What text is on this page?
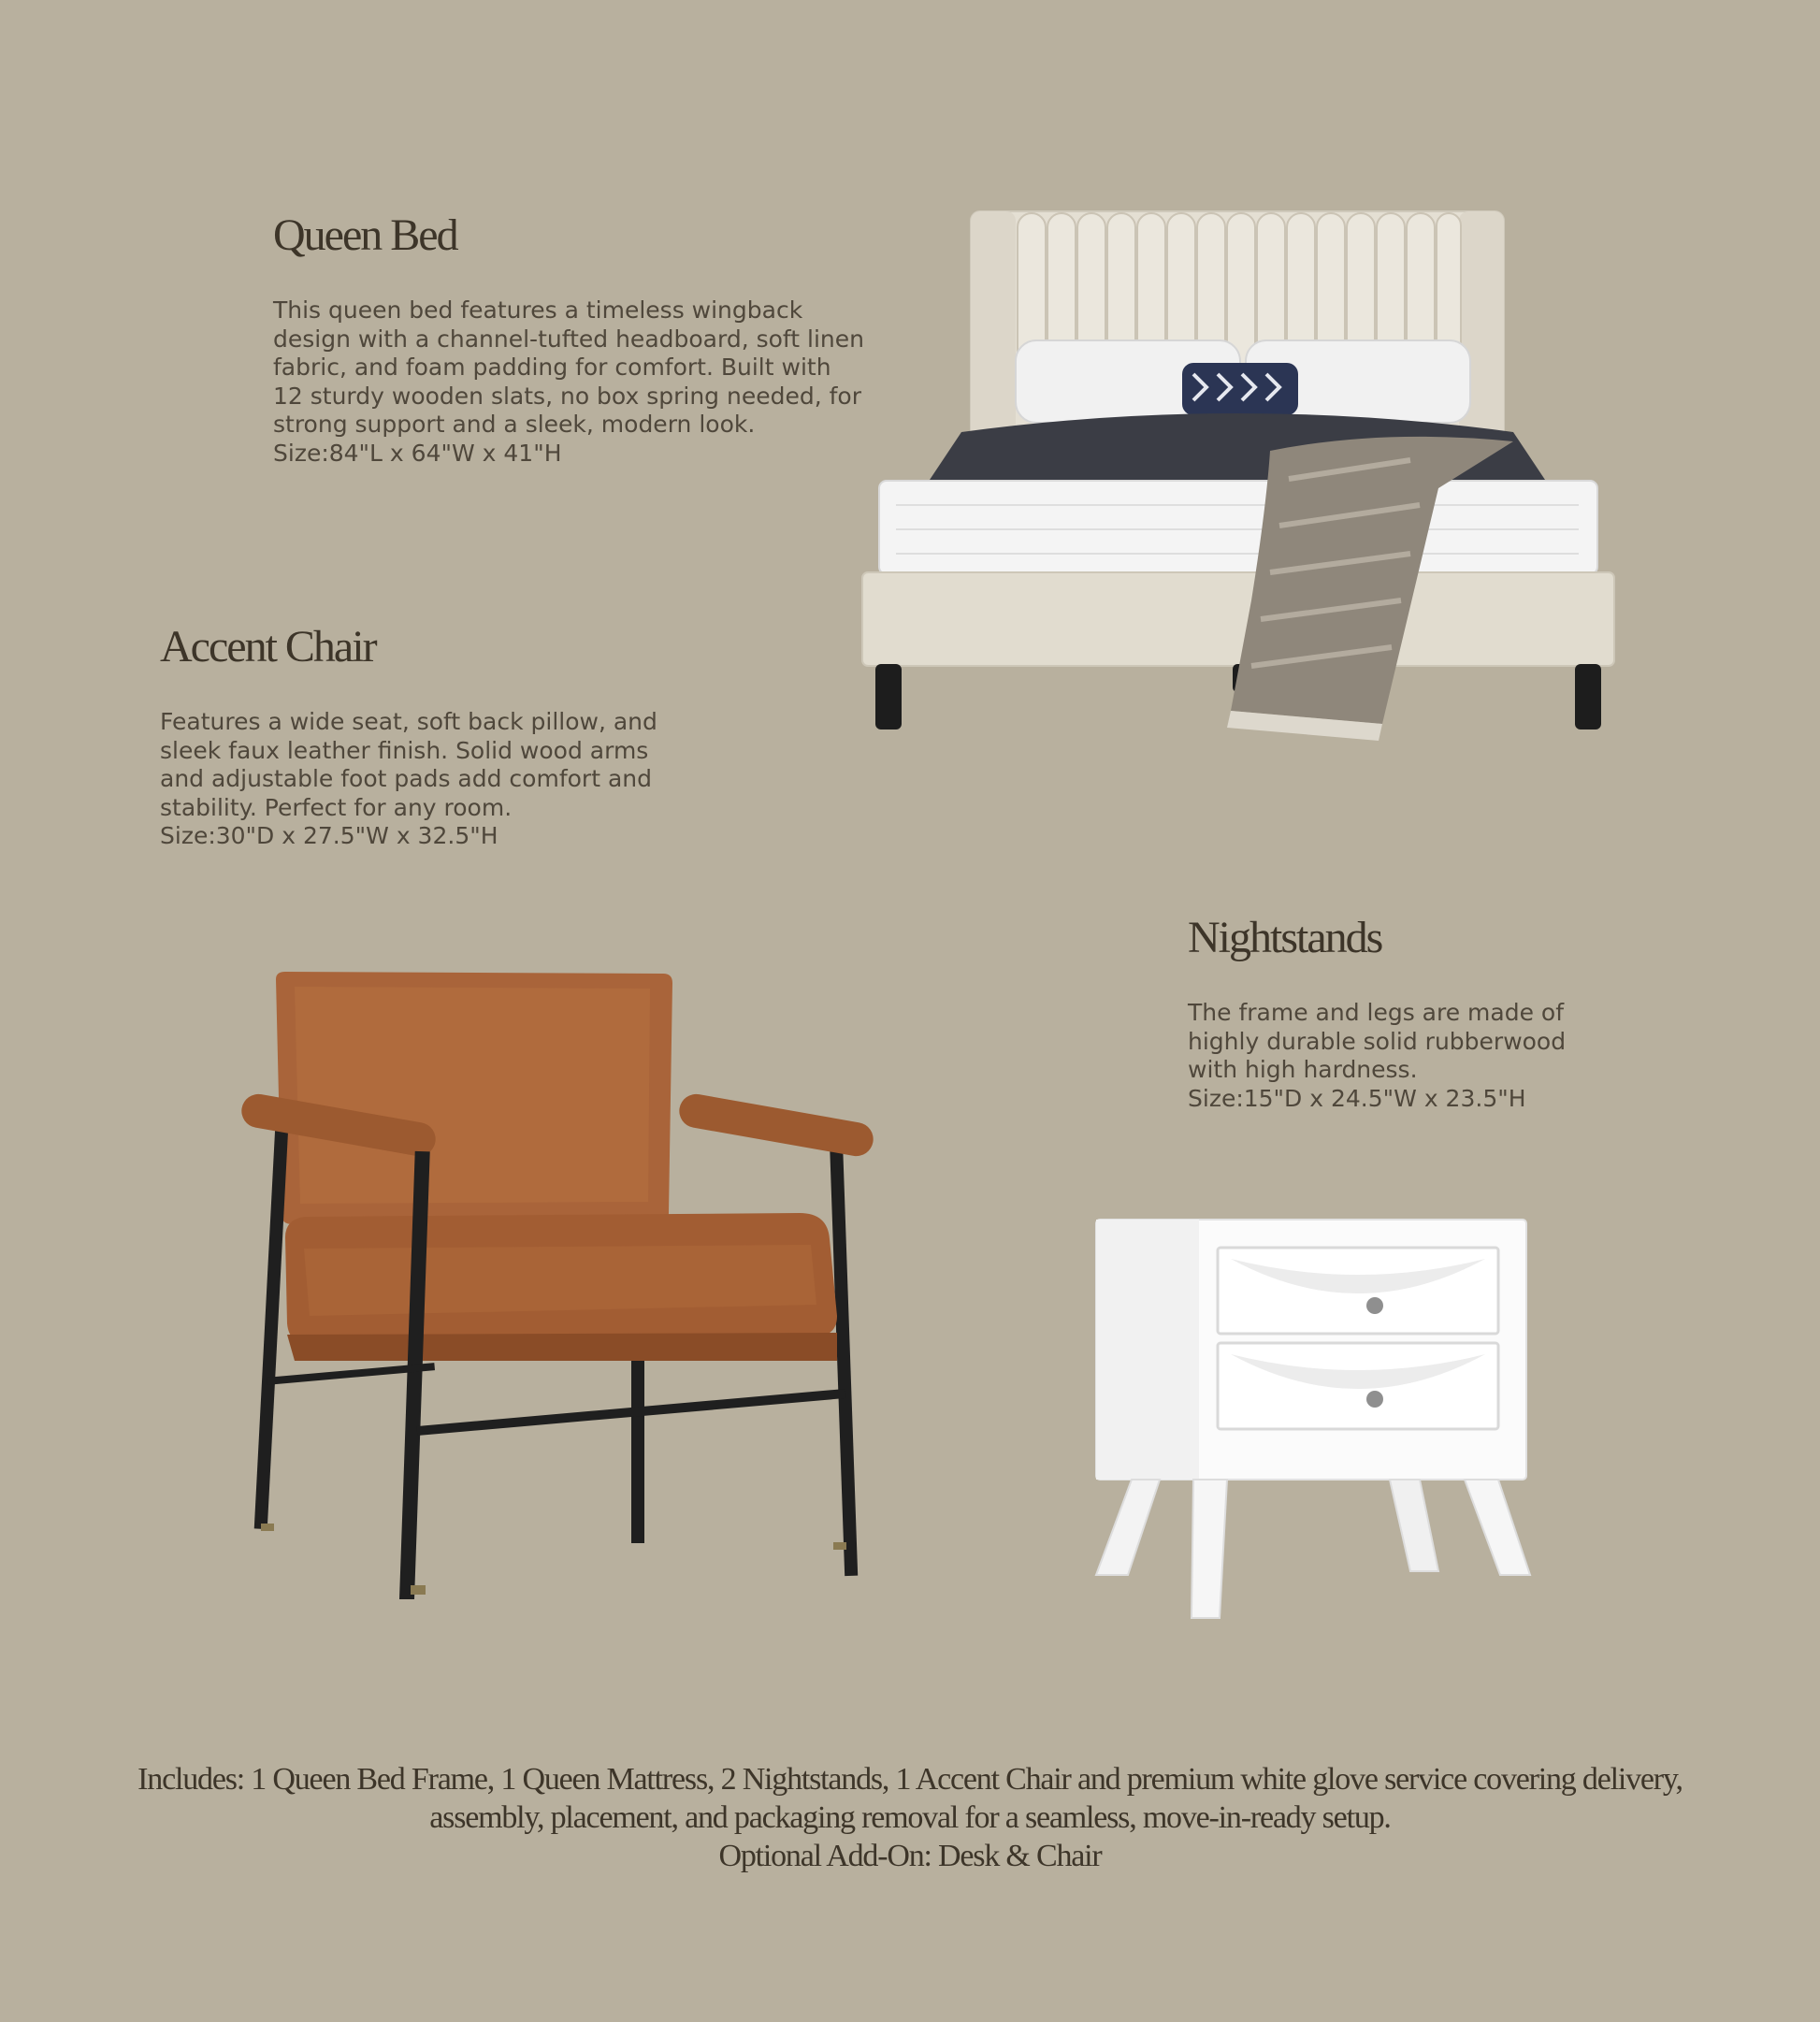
Queen Bed

This queen bed features a timeless wingback

design with a channel-tufted headboard, soft linen

fabric, and foam padding for comfort. Built with

12 sturdy wooden slats, no box spring needed, for

strong support and a sleek, modern look.

Size:84"L x 64"W x 41"H

Accent Chair

Features a wide seat, soft back pillow, and

sleek faux leather finish. Solid wood arms

and adjustable foot pads add comfort and

stability. Perfect for any room.

Size:30"D x 27.5"W x 32.5"H

Nightstands

The frame and legs are made of

highly durable solid rubberwood

with high hardness.

Size:15"D x 24.5"W x 23.5"H

Includes: 1 Queen Bed Frame, 1 Queen Mattress, 2 Nightstands, 1 Accent Chair and premium white glove service covering delivery,

assembly, placement, and packaging removal for a seamless, move-in-ready setup.

Optional Add-On: Desk & Chair
